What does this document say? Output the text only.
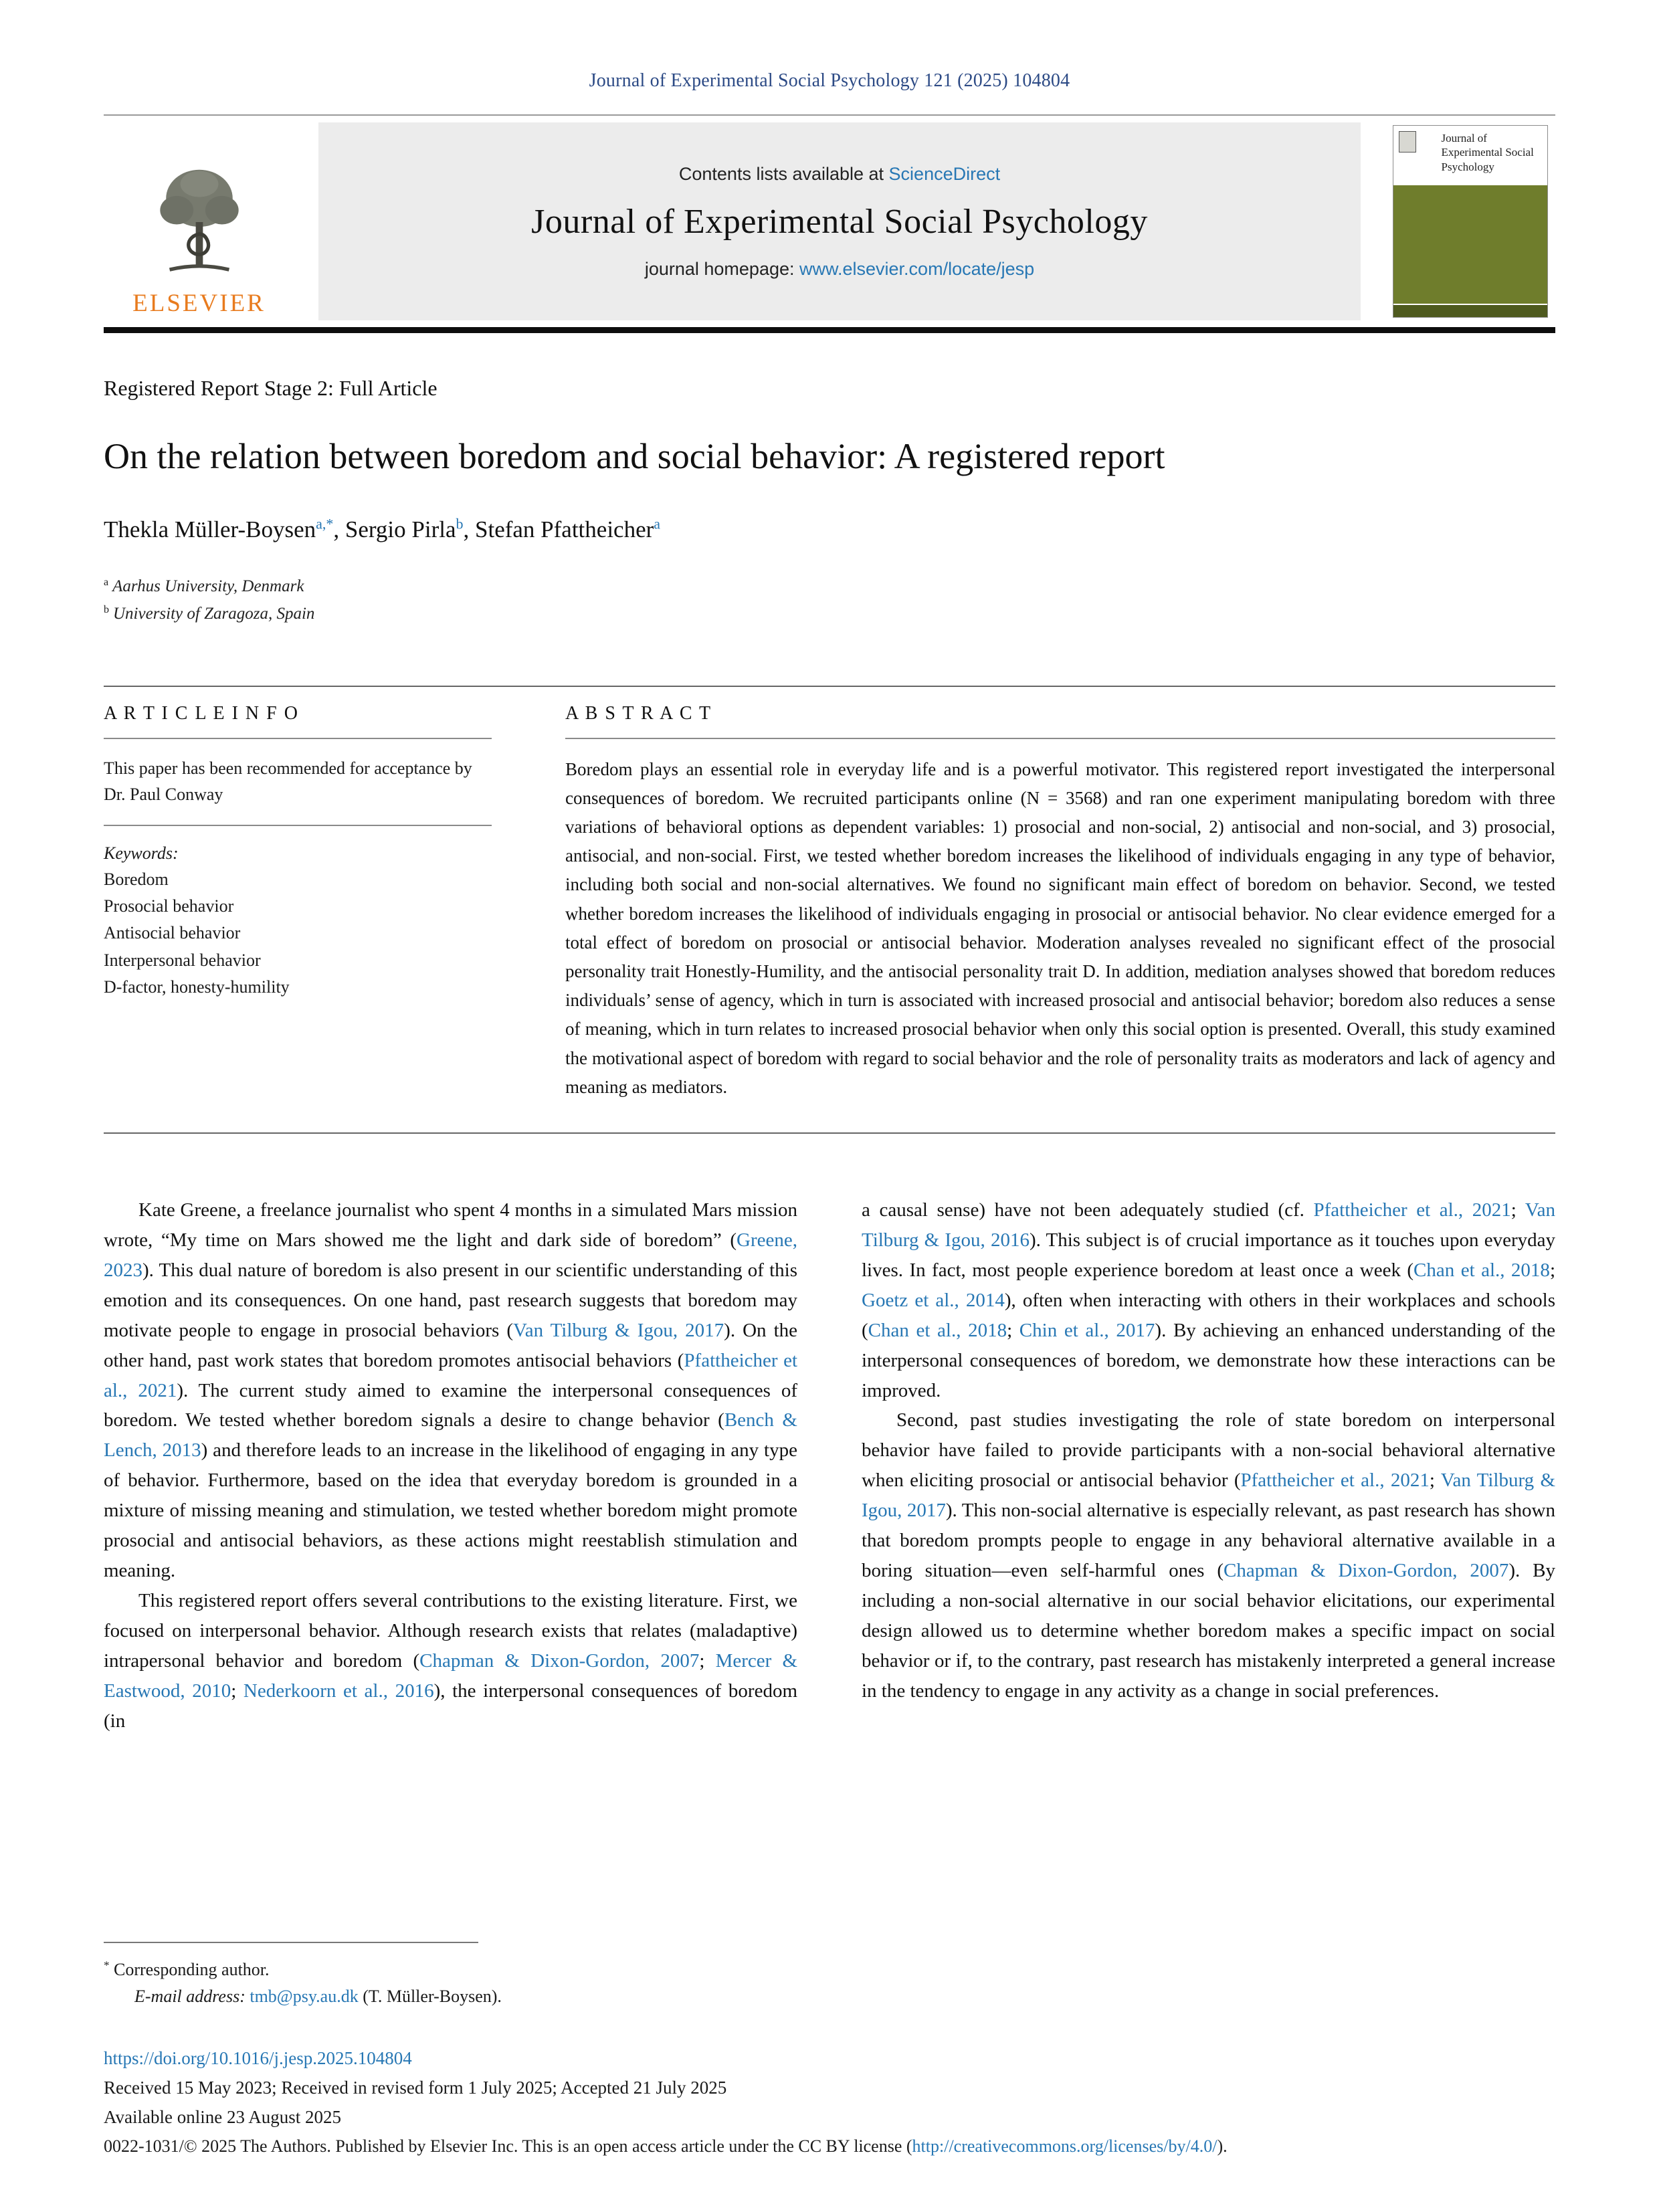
Journal of Experimental Social Psychology 121 (2025) 104804
ELSEVIER
Contents lists available at ScienceDirect
Journal of Experimental Social Psychology
journal homepage: www.elsevier.com/locate/jesp
Journal of Experimental Social Psychology
Registered Report Stage 2: Full Article
On the relation between boredom and social behavior: A registered report
Thekla Müller-Boysen$^{a,*}$, Sergio Pirla$^b$, Stefan Pfattheicher$^a$
$^a$ Aarhus University, Denmark
$^b$ University of Zaragoza, Spain
A R T I C L E I N F O
This paper has been recommended for acceptance by Dr. Paul Conway
Keywords:
Boredom
Prosocial behavior
Antisocial behavior
Interpersonal behavior
D-factor, honesty-humility
A B S T R A C T

Boredom plays an essential role in everyday life and is a powerful motivator. This registered report investigated the interpersonal consequences of boredom. We recruited participants online (N = 3568) and ran one experiment manipulating boredom with three variations of behavioral options as dependent variables: 1) prosocial and non-social, 2) antisocial and non-social, and 3) prosocial, antisocial, and non-social. First, we tested whether boredom increases the likelihood of individuals engaging in any type of behavior, including both social and non-social alternatives. We found no significant main effect of boredom on behavior. Second, we tested whether boredom increases the likelihood of individuals engaging in prosocial or antisocial behavior. No clear evidence emerged for a total effect of boredom on prosocial or antisocial behavior. Moderation analyses revealed no significant effect of the prosocial personality trait Honestly-Humility, and the antisocial personality trait D. In addition, mediation analyses showed that boredom reduces individuals’ sense of agency, which in turn is associated with increased prosocial and antisocial behavior; boredom also reduces a sense of meaning, which in turn relates to increased prosocial behavior when only this social option is presented. Overall, this study examined the motivational aspect of boredom with regard to social behavior and the role of personality traits as moderators and lack of agency and meaning as mediators.

Kate Greene, a freelance journalist who spent 4 months in a simulated Mars mission wrote, “My time on Mars showed me the light and dark side of boredom” (Greene, 2023). This dual nature of boredom is also present in our scientific understanding of this emotion and its consequences. On one hand, past research suggests that boredom may motivate people to engage in prosocial behaviors (Van Tilburg & Igou, 2017). On the other hand, past work states that boredom promotes antisocial behaviors (Pfattheicher et al., 2021). The current study aimed to examine the interpersonal consequences of boredom. We tested whether boredom signals a desire to change behavior (Bench & Lench, 2013) and therefore leads to an increase in the likelihood of engaging in any type of behavior. Furthermore, based on the idea that everyday boredom is grounded in a mixture of missing meaning and stimulation, we tested whether boredom might promote prosocial and antisocial behaviors, as these actions might reestablish stimulation and meaning.

This registered report offers several contributions to the existing literature. First, we focused on interpersonal behavior. Although research exists that relates (maladaptive) intrapersonal behavior and boredom (Chapman & Dixon-Gordon, 2007; Mercer & Eastwood, 2010; Nederkoorn et al., 2016), the interpersonal consequences of boredom (in

a causal sense) have not been adequately studied (cf. Pfattheicher et al., 2021; Van Tilburg & Igou, 2016). This subject is of crucial importance as it touches upon everyday lives. In fact, most people experience boredom at least once a week (Chan et al., 2018; Goetz et al., 2014), often when interacting with others in their workplaces and schools (Chan et al., 2018; Chin et al., 2017). By achieving an enhanced understanding of the interpersonal consequences of boredom, we demonstrate how these interactions can be improved.

Second, past studies investigating the role of state boredom on interpersonal behavior have failed to provide participants with a non-social behavioral alternative when eliciting prosocial or antisocial behavior (Pfattheicher et al., 2021; Van Tilburg & Igou, 2017). This non-social alternative is especially relevant, as past research has shown that boredom prompts people to engage in any behavioral alternative available in a boring situation—even self-harmful ones (Chapman & Dixon-Gordon, 2007). By including a non-social alternative in our social behavior elicitations, our experimental design allowed us to determine whether boredom makes a specific impact on social behavior or if, to the contrary, past research has mistakenly interpreted a general increase in the tendency to engage in any activity as a change in social preferences.

* Corresponding author.
E-mail address: tmb@psy.au.dk (T. Müller-Boysen).
https://doi.org/10.1016/j.jesp.2025.104804
Received 15 May 2023; Received in revised form 1 July 2025; Accepted 21 July 2025
Available online 23 August 2025
0022-1031/© 2025 The Authors. Published by Elsevier Inc. This is an open access article under the CC BY license (http://creativecommons.org/licenses/by/4.0/).
